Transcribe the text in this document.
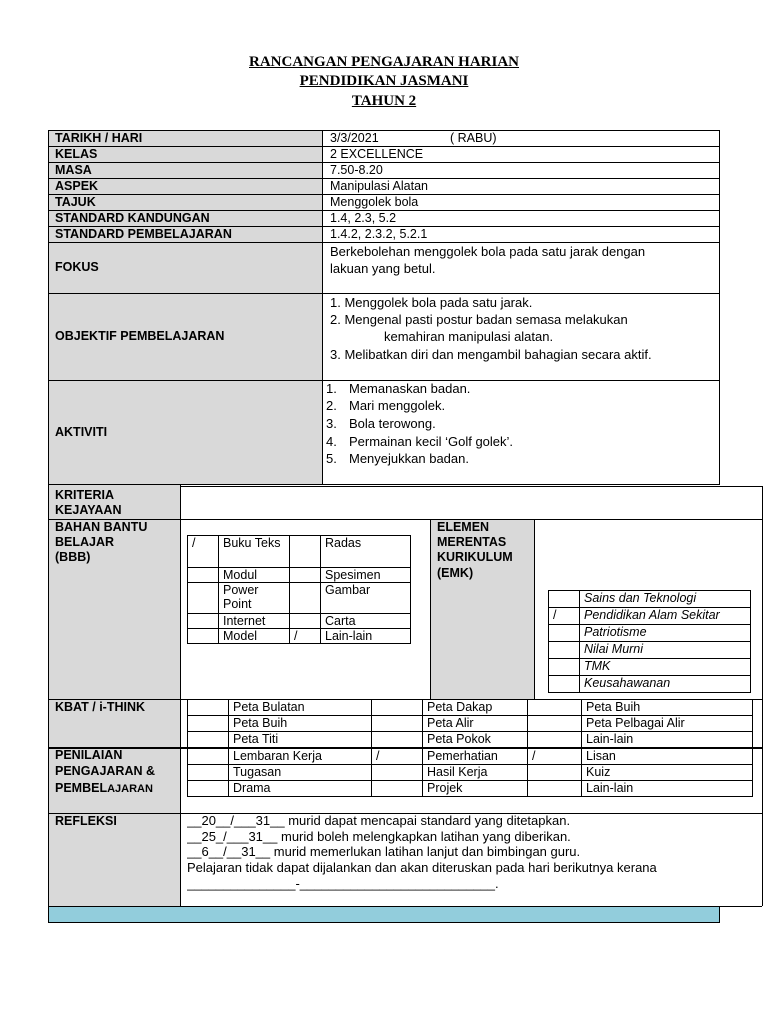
RANCANGAN PENGAJARAN HARIAN
PENDIDIKAN JASMANI
TAHUN 2
TARIKH / HARI	3/3/2021	( RABU)
KELAS	2 EXCELLENCE
MASA	7.50-8.20
ASPEK	Manipulasi Alatan
TAJUK	Menggolek bola
STANDARD KANDUNGAN	1.4, 2.3, 5.2
STANDARD PEMBELAJARAN	1.4.2, 2.3.2, 5.2.1
FOKUS
Berkebolehan menggolek bola pada satu jarak dengan
lakuan yang betul.
OBJEKTIF PEMBELAJARAN
1. Menggolek bola pada satu jarak.
2. Mengenal pasti postur badan semasa melakukan
kemahiran manipulasi alatan.
3. Melibatkan diri dan mengambil bahagian secara aktif.
AKTIVITI
1. Memanaskan badan.
2. Mari menggolek.
3. Bola terowong.
4. Permainan kecil ‘Golf golek’.
5. Menyejukkan badan.
KRITERIA
KEJAYAAN
BAHAN BANTU
BELAJAR
(BBB)
/	Buku Teks		Radas
	Modul		Spesimen
	Power Point		Gambar
	Internet		Carta
	Model	/	Lain-lain
ELEMEN
MERENTAS
KURIKULUM
(EMK)
	Sains dan Teknologi
/	Pendidikan Alam Sekitar
	Patriotisme
	Nilai Murni
	TMK
	Keusahawanan
KBAT / i-THINK
		Peta Bulatan		Peta Dakap		Peta Buih
	Peta Buih		Peta Alir		Peta Pelbagai Alir
	Peta Titi		Peta Pokok		Lain-lain
PENILAIAN
PENGAJARAN &
PEMBELAJARAN
	Lembaran Kerja	/	Pemerhatian	/	Lisan
	Tugasan		Hasil Kerja		Kuiz
	Drama		Projek		Lain-lain
REFLEKSI	__20__/___31__ murid dapat mencapai standard yang ditetapkan.
__25_/___31__ murid boleh melengkapkan latihan yang diberikan.
__6__/__31__ murid memerlukan latihan lanjut dan bimbingan guru.
Pelajaran tidak dapat dijalankan dan akan diteruskan pada hari berikutnya kerana
_______________-___________________________.
